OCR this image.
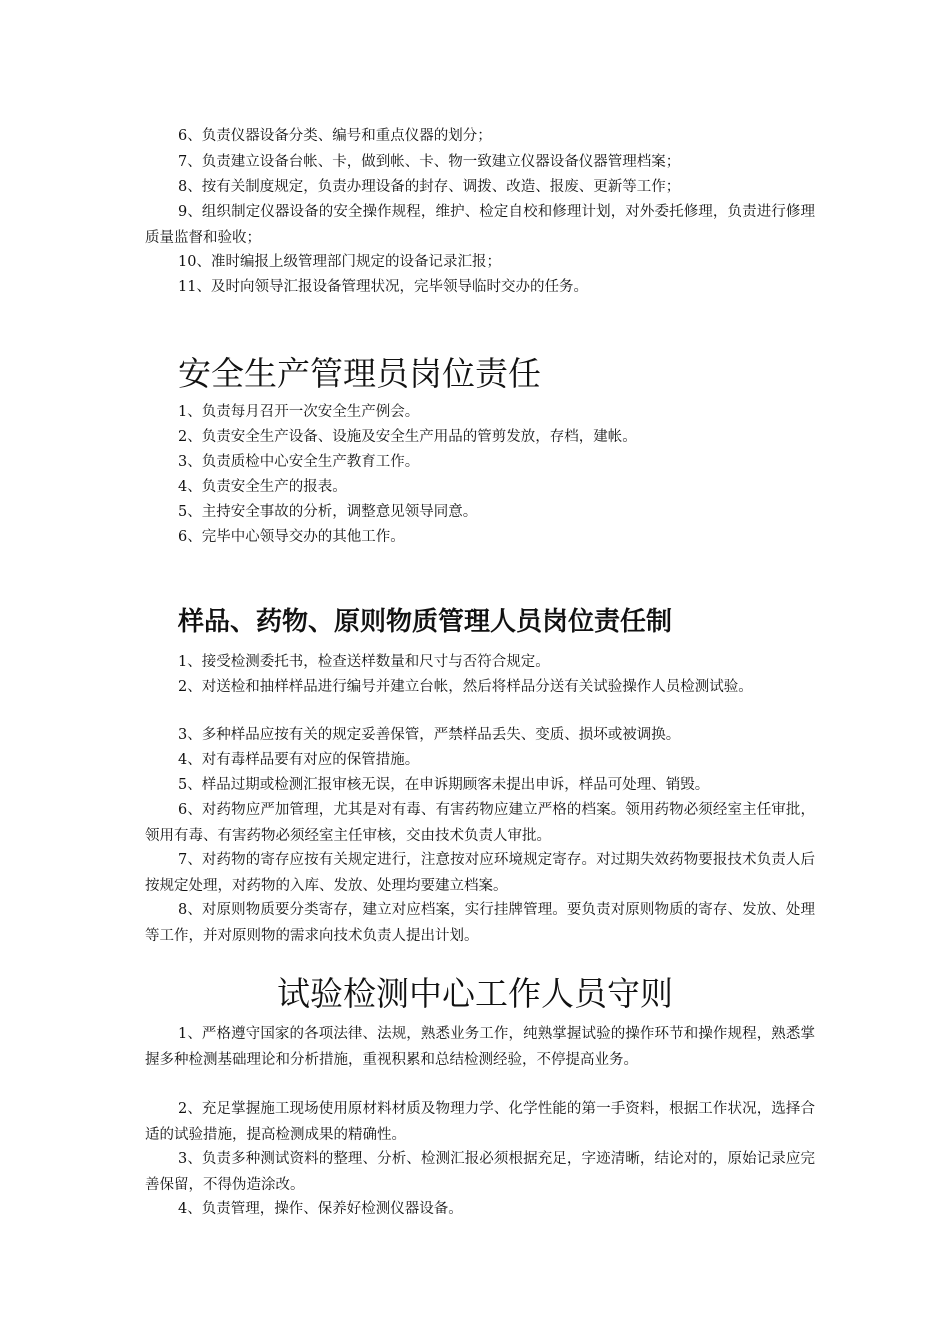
6、负责仪器设备分类、编号和重点仪器的划分；

7、负责建立设备台帐、卡，做到帐、卡、物一致建立仪器设备仪器管理档案；

8、按有关制度规定，负责办理设备的封存、调拨、改造、报废、更新等工作；

9、组织制定仪器设备的安全操作规程，维护、检定自校和修理计划，对外委托修理，负责进行修理质量监督和验收；

10、准时编报上级管理部门规定的设备记录汇报；

11、及时向领导汇报设备管理状况，完毕领导临时交办的任务。

安全生产管理员岗位责任

1、负责每月召开一次安全生产例会。

2、负责安全生产设备、设施及安全生产用品的管剪发放，存档，建帐。

3、负责质检中心安全生产教育工作。

4、负责安全生产的报表。

5、主持安全事故的分析，调整意见领导同意。

6、完毕中心领导交办的其他工作。

样品、药物、原则物质管理人员岗位责任制

1、接受检测委托书，检查送样数量和尺寸与否符合规定。

2、对送检和抽样样品进行编号并建立台帐，然后将样品分送有关试验操作人员检测试验。

3、多种样品应按有关的规定妥善保管，严禁样品丢失、变质、损坏或被调换。

4、对有毒样品要有对应的保管措施。

5、样品过期或检测汇报审核无误，在申诉期顾客未提出申诉，样品可处理、销毁。

6、对药物应严加管理，尤其是对有毒、有害药物应建立严格的档案。领用药物必须经室主任审批，领用有毒、有害药物必须经室主任审核，交由技术负责人审批。

7、对药物的寄存应按有关规定进行，注意按对应环境规定寄存。对过期失效药物要报技术负责人后按规定处理，对药物的入库、发放、处理均要建立档案。

8、对原则物质要分类寄存，建立对应档案，实行挂牌管理。要负责对原则物质的寄存、发放、处理等工作，并对原则物的需求向技术负责人提出计划。

试验检测中心工作人员守则

1、严格遵守国家的各项法律、法规，熟悉业务工作，纯熟掌握试验的操作环节和操作规程，熟悉掌握多种检测基础理论和分析措施，重视积累和总结检测经验，不停提高业务。

2、充足掌握施工现场使用原材料材质及物理力学、化学性能的第一手资料，根据工作状况，选择合适的试验措施，提高检测成果的精确性。

3、负责多种测试资料的整理、分析、检测汇报必须根据充足，字迹清晰，结论对的，原始记录应完善保留，不得伪造涂改。

4、负责管理，操作、保养好检测仪器设备。
